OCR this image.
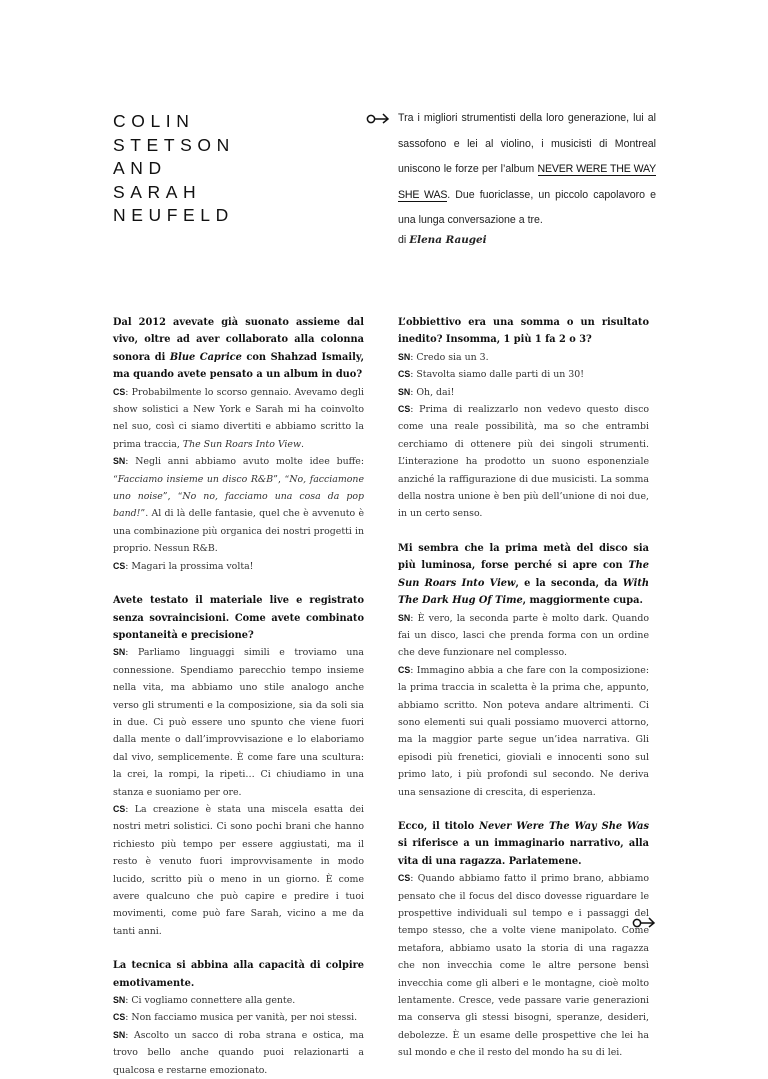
COLIN
STETSON
AND
SARAH
NEUFELD

Tra i migliori strumentisti della loro generazione, lui al sassofono e lei al violino, i musicisti di Montreal uniscono le forze per l’album NEVER WERE THE WAY SHE WAS. Due fuoriclasse, un piccolo capolavoro e una lunga conversazione a tre.

di Elena Raugei

Dal 2012 avevate già suonato assieme dal vivo, oltre ad aver collaborato alla colonna sonora di Blue Caprice con Shahzad Ismaily, ma quando avete pensato a un album in duo?

CS: Probabilmente lo scorso gennaio. Avevamo degli show solistici a New York e Sarah mi ha coinvolto nel suo, così ci siamo divertiti e abbiamo scritto la prima traccia, The Sun Roars Into View.

SN: Negli anni abbiamo avuto molte idee buffe: “Facciamo insieme un disco R&B”, “No, facciamone uno noise”, “No no, facciamo una cosa da pop band!”. Al di là delle fantasie, quel che è avvenuto è una combinazione più organica dei nostri progetti in proprio. Nessun R&B.

CS: Magari la prossima volta!

Avete testato il materiale live e registrato senza sovraincisioni. Come avete combinato spontaneità e precisione?

SN: Parliamo linguaggi simili e troviamo una connessione. Spendiamo parecchio tempo insieme nella vita, ma abbiamo uno stile analogo anche verso gli strumenti e la composizione, sia da soli sia in due. Ci può essere uno spunto che viene fuori dalla mente o dall’improvvisazione e lo elaboriamo dal vivo, semplicemente. È come fare una scultura: la crei, la rompi, la ripeti… Ci chiudiamo in una stanza e suoniamo per ore.

CS: La creazione è stata una miscela esatta dei nostri metri solistici. Ci sono pochi brani che hanno richiesto più tempo per essere aggiustati, ma il resto è venuto fuori improvvisamente in modo lucido, scritto più o meno in un giorno. È come avere qualcuno che può capire e predire i tuoi movimenti, come può fare Sarah, vicino a me da tanti anni.

La tecnica si abbina alla capacità di colpire emotivamente.

SN: Ci vogliamo connettere alla gente.

CS: Non facciamo musica per vanità, per noi stessi.

SN: Ascolto un sacco di roba strana e ostica, ma trovo bello anche quando puoi relazionarti a qualcosa e restarne emozionato.

L’obbiettivo era una somma o un risultato inedito? Insomma, 1 più 1 fa 2 o 3?

SN: Credo sia un 3.

CS: Stavolta siamo dalle parti di un 30!

SN: Oh, dai!

CS: Prima di realizzarlo non vedevo questo disco come una reale possibilità, ma so che entrambi cerchiamo di ottenere più dei singoli strumenti. L’interazione ha prodotto un suono esponenziale anziché la raffigurazione di due musicisti. La somma della nostra unione è ben più dell’unione di noi due, in un certo senso.

Mi sembra che la prima metà del disco sia più luminosa, forse perché si apre con The Sun Roars Into View, e la seconda, da With The Dark Hug Of Time, maggiormente cupa.

SN: È vero, la seconda parte è molto dark. Quando fai un disco, lasci che prenda forma con un ordine che deve funzionare nel complesso.

CS: Immagino abbia a che fare con la composizione: la prima traccia in scaletta è la prima che, appunto, abbiamo scritto. Non poteva andare altrimenti. Ci sono elementi sui quali possiamo muoverci attorno, ma la maggior parte segue un’idea narrativa. Gli episodi più frenetici, gioviali e innocenti sono sul primo lato, i più profondi sul secondo. Ne deriva una sensazione di crescita, di esperienza.

Ecco, il titolo Never Were The Way She Was si riferisce a un immaginario narrativo, alla vita di una ragazza. Parlatemene.

CS: Quando abbiamo fatto il primo brano, abbiamo pensato che il focus del disco dovesse riguardare le prospettive individuali sul tempo e i passaggi del tempo stesso, che a volte viene manipolato. Come metafora, abbiamo usato la storia di una ragazza che non invecchia come le altre persone bensì invecchia come gli alberi e le montagne, cioè molto lentamente. Cresce, vede passare varie generazioni ma conserva gli stessi bisogni, speranze, desideri, debolezze. È un esame delle prospettive che lei ha sul mondo e che il resto del mondo ha su di lei.
